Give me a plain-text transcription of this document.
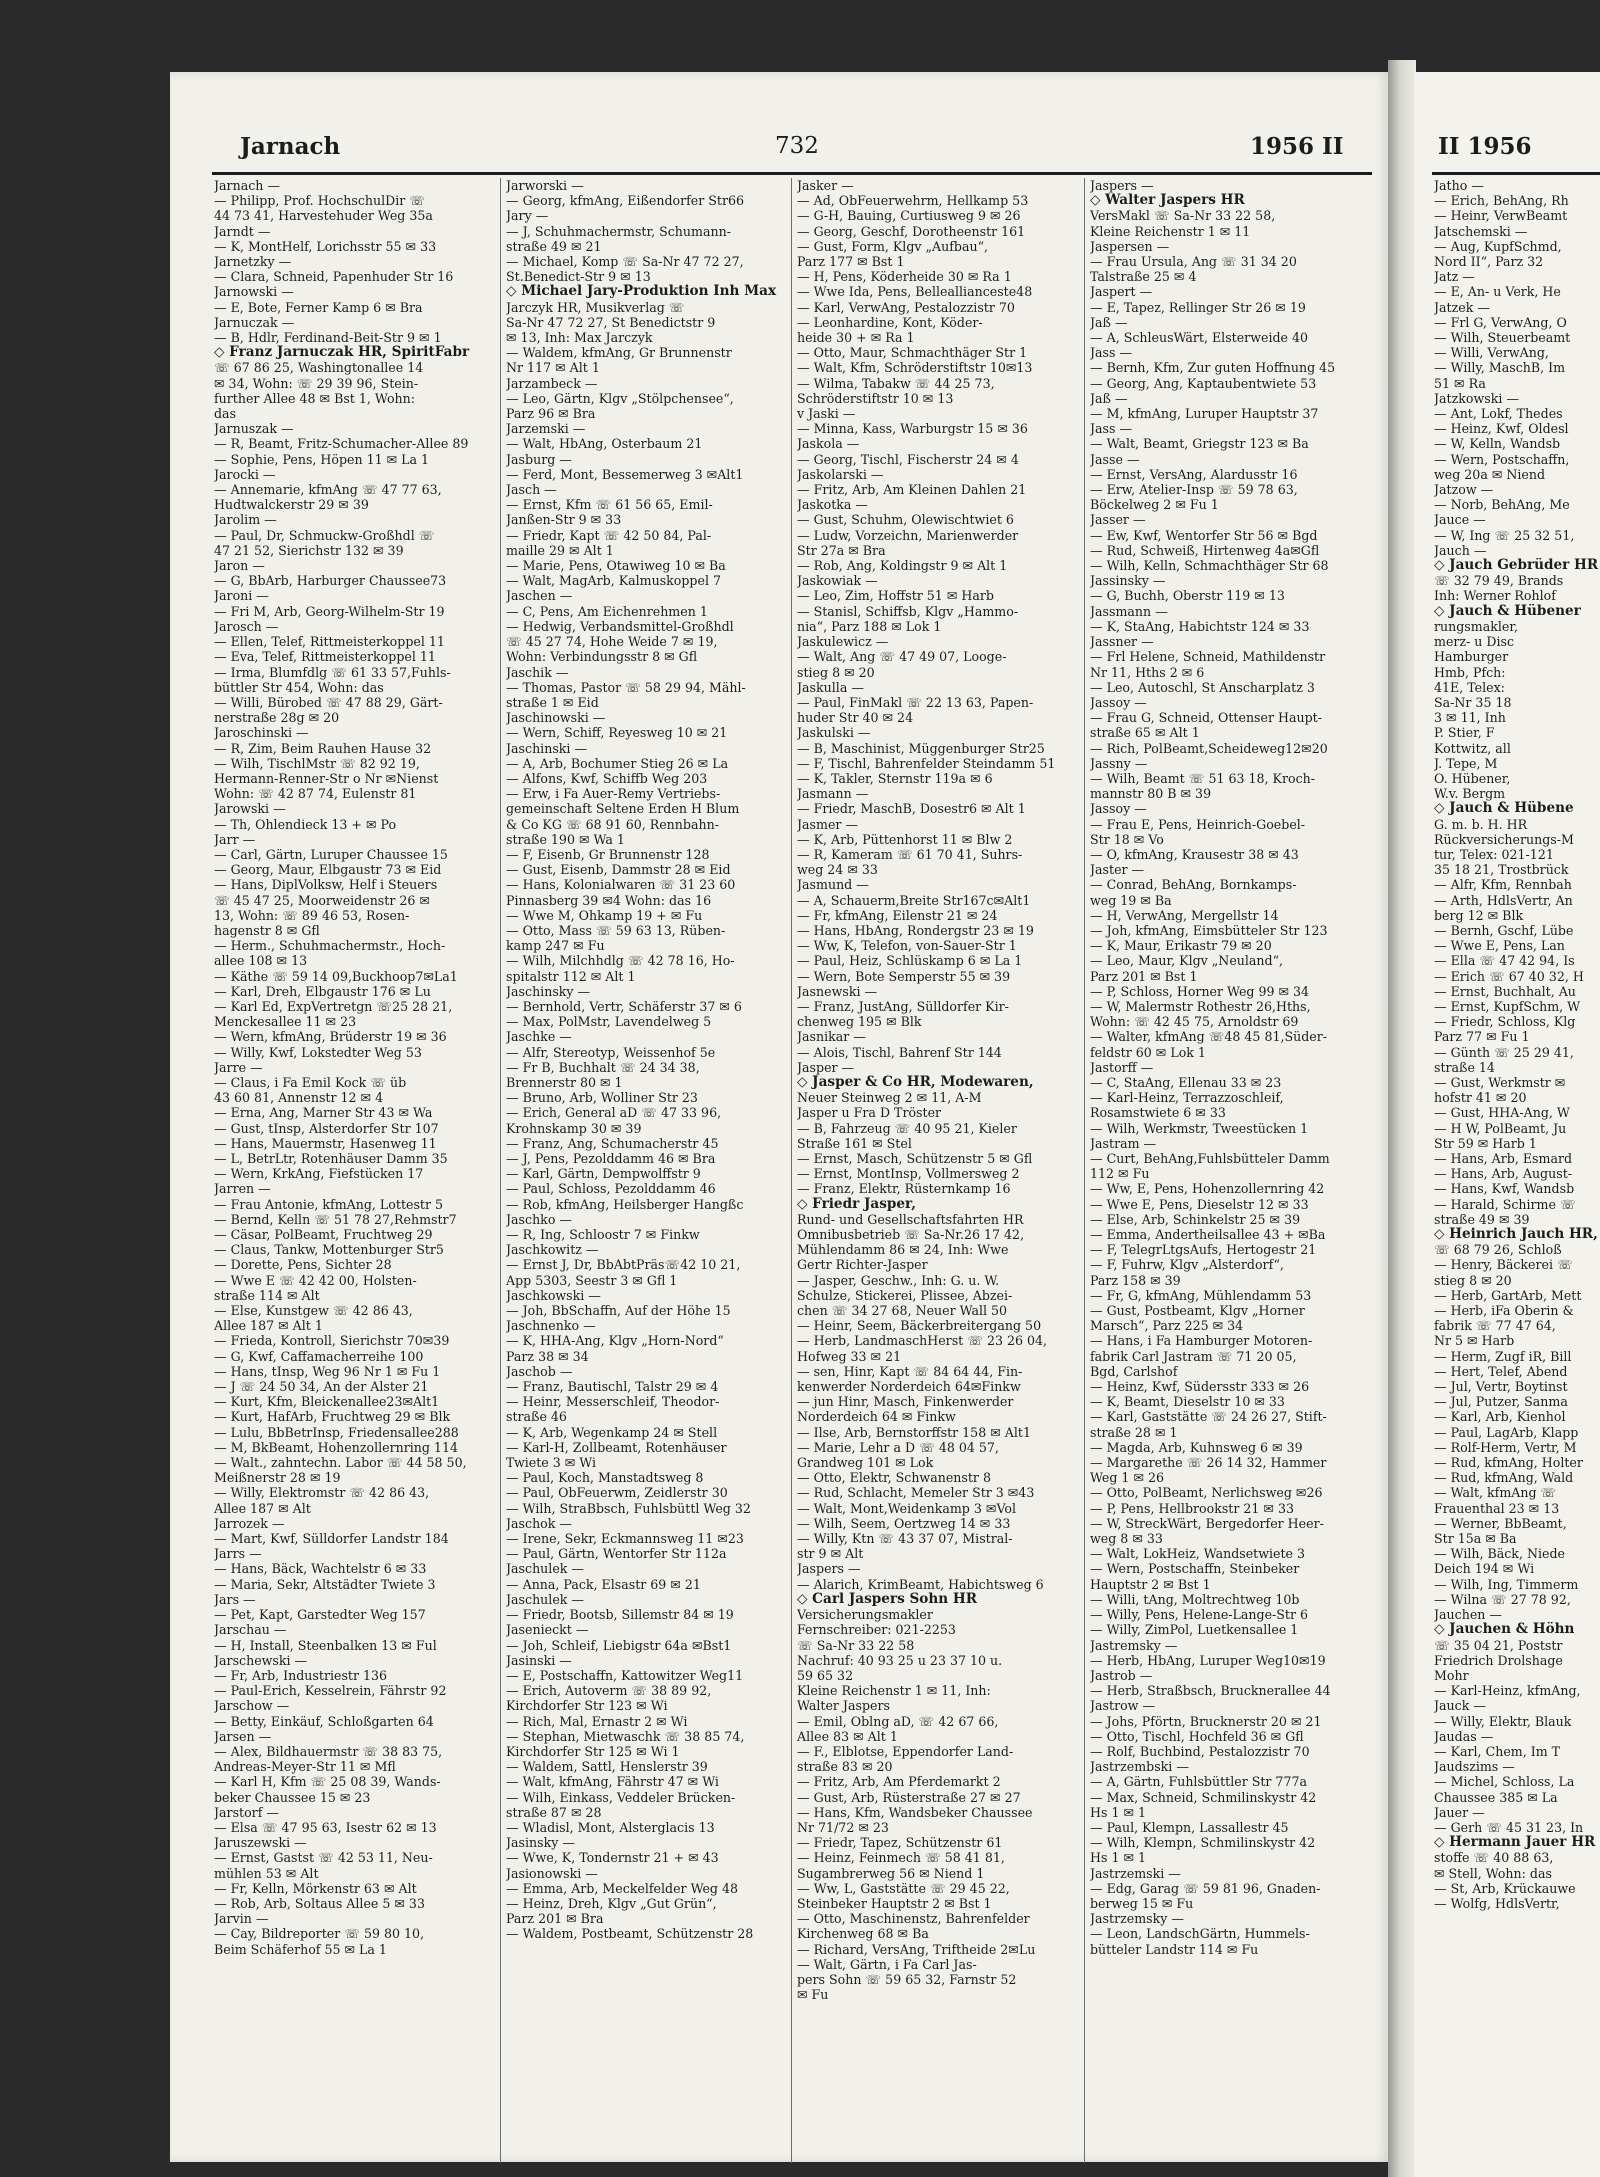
Jarnach	732	1956 II	II 1956
Jarnach —
— Philipp, Prof. HochschulDir ☏
44 73 41, Harvestehuder Weg 35a
Jarndt —
— K, MontHelf, Lorichsstr 55 ✉ 33
Jarnetzky —
— Clara, Schneid, Papenhuder Str 16
Jarnowski —
— E, Bote, Ferner Kamp 6 ✉ Bra
Jarnuczak —
— B, Hdlr, Ferdinand-Beit-Str 9 ✉ 1
◇ Franz Jarnuczak HR, SpiritFabr
☏ 67 86 25, Washingtonallee 14
✉ 34, Wohn: ☏ 29 39 96, Stein-
further Allee 48 ✉ Bst 1, Wohn:
das
Jarnuszak —
— R, Beamt, Fritz-Schumacher-Allee 89
— Sophie, Pens, Höpen 11 ✉ La 1
Jarocki —
— Annemarie, kfmAng ☏ 47 77 63,
Hudtwalckerstr 29 ✉ 39
Jarolim —
— Paul, Dr, Schmuckw-Großhdl ☏
47 21 52, Sierichstr 132 ✉ 39
Jaron —
— G, BbArb, Harburger Chaussee73
Jaroni —
— Fri M, Arb, Georg-Wilhelm-Str 19
Jarosch —
— Ellen, Telef, Rittmeisterkoppel 11
— Eva, Telef, Rittmeisterkoppel 11
— Irma, Blumfdlg ☏ 61 33 57,Fuhls-
büttler Str 454, Wohn: das
— Willi, Bürobed ☏ 47 88 29, Gärt-
nerstraße 28g ✉ 20
Jaroschinski —
— R, Zim, Beim Rauhen Hause 32
— Wilh, TischlMstr ☏ 82 92 19,
Hermann-Renner-Str o Nr ✉Nienst
Wohn: ☏ 42 87 74, Eulenstr 81
Jarowski —
— Th, Ohlendieck 13 + ✉ Po
Jarr —
— Carl, Gärtn, Luruper Chaussee 15
— Georg, Maur, Elbgaustr 73 ✉ Eid
— Hans, DiplVolksw, Helf i Steuers
☏ 45 47 25, Moorweidenstr 26 ✉
13, Wohn: ☏ 89 46 53, Rosen-
hagenstr 8 ✉ Gfl
— Herm., Schuhmachermstr., Hoch-
allee 108 ✉ 13
— Käthe ☏ 59 14 09,Buckhoop7✉La1
— Karl, Dreh, Elbgaustr 176 ✉ Lu
— Karl Ed, ExpVertretgn ☏25 28 21,
Menckesallee 11 ✉ 23
— Wern, kfmAng, Brüderstr 19 ✉ 36
— Willy, Kwf, Lokstedter Weg 53
Jarre —
— Claus, i Fa Emil Kock ☏ üb
43 60 81, Annenstr 12 ✉ 4
— Erna, Ang, Marner Str 43 ✉ Wa
— Gust, tInsp, Alsterdorfer Str 107
— Hans, Mauermstr, Hasenweg 11
— L, BetrLtr, Rotenhäuser Damm 35
— Wern, KrkAng, Fiefstücken 17
Jarren —
— Frau Antonie, kfmAng, Lottestr 5
— Bernd, Kelln ☏ 51 78 27,Rehmstr7
— Cäsar, PolBeamt, Fruchtweg 29
— Claus, Tankw, Mottenburger Str5
— Dorette, Pens, Sichter 28
— Wwe E ☏ 42 42 00, Holsten-
straße 114 ✉ Alt
— Else, Kunstgew ☏ 42 86 43,
Allee 187 ✉ Alt 1
— Frieda, Kontroll, Sierichstr 70✉39
— G, Kwf, Caffamacherreihe 100
— Hans, tInsp, Weg 96 Nr 1 ✉ Fu 1
— J ☏ 24 50 34, An der Alster 21
— Kurt, Kfm, Bleickenallee23✉Alt1
— Kurt, HafArb, Fruchtweg 29 ✉ Blk
— Lulu, BbBetrInsp, Friedensallee288
— M, BkBeamt, Hohenzollernring 114
— Walt., zahntechn. Labor ☏ 44 58 50,
Meißnerstr 28 ✉ 19
— Willy, Elektromstr ☏ 42 86 43,
Allee 187 ✉ Alt
Jarrozek —
— Mart, Kwf, Sülldorfer Landstr 184
Jarrs —
— Hans, Bäck, Wachtelstr 6 ✉ 33
— Maria, Sekr, Altstädter Twiete 3
Jars —
— Pet, Kapt, Garstedter Weg 157
Jarschau —
— H, Install, Steenbalken 13 ✉ Ful
Jarschewski —
— Fr, Arb, Industriestr 136
— Paul-Erich, Kesselrein, Fährstr 92
Jarschow —
— Betty, Einkäuf, Schloßgarten 64
Jarsen —
— Alex, Bildhauermstr ☏ 38 83 75,
Andreas-Meyer-Str 11 ✉ Mfl
— Karl H, Kfm ☏ 25 08 39, Wands-
beker Chaussee 15 ✉ 23
Jarstorf —
— Elsa ☏ 47 95 63, Isestr 62 ✉ 13
Jaruszewski —
— Ernst, Gastst ☏ 42 53 11, Neu-
mühlen 53 ✉ Alt
— Fr, Kelln, Mörkenstr 63 ✉ Alt
— Rob, Arb, Soltaus Allee 5 ✉ 33
Jarvin —
— Cay, Bildreporter ☏ 59 80 10,
Beim Schäferhof 55 ✉ La 1
Jarworski —
— Georg, kfmAng, Eißendorfer Str66
Jary —
— J, Schuhmachermstr, Schumann-
straße 49 ✉ 21
— Michael, Komp ☏ Sa-Nr 47 72 27,
St.Benedict-Str 9 ✉ 13
◇ Michael Jary-Produktion Inh Max
Jarczyk HR, Musikverlag ☏
Sa-Nr 47 72 27, St Benedictstr 9
✉ 13, Inh: Max Jarczyk
— Waldem, kfmAng, Gr Brunnenstr
Nr 117 ✉ Alt 1
Jarzambeck —
— Leo, Gärtn, Klgv „Stölpchensee“,
Parz 96 ✉ Bra
Jarzemski —
— Walt, HbAng, Osterbaum 21
Jasburg —
— Ferd, Mont, Bessemerweg 3 ✉Alt1
Jasch —
— Ernst, Kfm ☏ 61 56 65, Emil-
Janßen-Str 9 ✉ 33
— Friedr, Kapt ☏ 42 50 84, Pal-
maille 29 ✉ Alt 1
— Marie, Pens, Otawiweg 10 ✉ Ba
— Walt, MagArb, Kalmuskoppel 7
Jaschen —
— C, Pens, Am Eichenrehmen 1
— Hedwig, Verbandsmittel-Großhdl
☏ 45 27 74, Hohe Weide 7 ✉ 19,
Wohn: Verbindungsstr 8 ✉ Gfl
Jaschik —
— Thomas, Pastor ☏ 58 29 94, Mähl-
straße 1 ✉ Eid
Jaschinowski —
— Wern, Schiff, Reyesweg 10 ✉ 21
Jaschinski —
— A, Arb, Bochumer Stieg 26 ✉ La
— Alfons, Kwf, Schiffb Weg 203
— Erw, i Fa Auer-Remy Vertriebs-
gemeinschaft Seltene Erden H Blum
& Co KG ☏ 68 91 60, Rennbahn-
straße 190 ✉ Wa 1
— F, Eisenb, Gr Brunnenstr 128
— Gust, Eisenb, Dammstr 28 ✉ Eid
— Hans, Kolonialwaren ☏ 31 23 60
Pinnasberg 39 ✉4 Wohn: das 16
— Wwe M, Ohkamp 19 + ✉ Fu
— Otto, Mass ☏ 59 63 13, Rüben-
kamp 247 ✉ Fu
— Wilh, Milchhdlg ☏ 42 78 16, Ho-
spitalstr 112 ✉ Alt 1
Jaschinsky —
— Bernhold, Vertr, Schäferstr 37 ✉ 6
— Max, PolMstr, Lavendelweg 5
Jaschke —
— Alfr, Stereotyp, Weissenhof 5e
— Fr B, Buchhalt ☏ 24 34 38,
Brennerstr 80 ✉ 1
— Bruno, Arb, Wolliner Str 23
— Erich, General aD ☏ 47 33 96,
Krohnskamp 30 ✉ 39
— Franz, Ang, Schumacherstr 45
— J, Pens, Pezolddamm 46 ✉ Bra
— Karl, Gärtn, Dempwolffstr 9
— Paul, Schloss, Pezolddamm 46
— Rob, kfmAng, Heilsberger Hangßc
Jaschko —
— R, Ing, Schloostr 7 ✉ Finkw
Jaschkowitz —
— Ernst J, Dr, BbAbtPräs☏42 10 21,
App 5303, Seestr 3 ✉ Gfl 1
Jaschkowski —
— Joh, BbSchaffn, Auf der Höhe 15
Jaschnenko —
— K, HHA-Ang, Klgv „Horn-Nord“
Parz 38 ✉ 34
Jaschob —
— Franz, Bautischl, Talstr 29 ✉ 4
— Heinr, Messerschleif, Theodor-
straße 46
— K, Arb, Wegenkamp 24 ✉ Stell
— Karl-H, Zollbeamt, Rotenhäuser
Twiete 3 ✉ Wi
— Paul, Koch, Manstadtsweg 8
— Paul, ObFeuerwm, Zeidlerstr 30
— Wilh, StraBbsch, Fuhlsbüttl Weg 32
Jaschok —
— Irene, Sekr, Eckmannsweg 11 ✉23
— Paul, Gärtn, Wentorfer Str 112a
Jaschulek —
— Anna, Pack, Elsastr 69 ✉ 21
Jaschulek —
— Friedr, Bootsb, Sillemstr 84 ✉ 19
Jasenieckt —
— Joh, Schleif, Liebigstr 64a ✉Bst1
Jasinski —
— E, Postschaffn, Kattowitzer Weg11
— Erich, Autoverm ☏ 38 89 92,
Kirchdorfer Str 123 ✉ Wi
— Rich, Mal, Ernastr 2 ✉ Wi
— Stephan, Mietwaschk ☏ 38 85 74,
Kirchdorfer Str 125 ✉ Wi 1
— Waldem, Sattl, Henslerstr 39
— Walt, kfmAng, Fährstr 47 ✉ Wi
— Wilh, Einkass, Veddeler Brücken-
straße 87 ✉ 28
— Wladisl, Mont, Alsterglacis 13
Jasinsky —
— Wwe, K, Tondernstr 21 + ✉ 43
Jasionowski —
— Emma, Arb, Meckelfelder Weg 48
— Heinz, Dreh, Klgv „Gut Grün“,
Parz 201 ✉ Bra
— Waldem, Postbeamt, Schützenstr 28
Jasker —
— Ad, ObFeuerwehrm, Hellkamp 53
— G-H, Bauing, Curtiusweg 9 ✉ 26
— Georg, Geschf, Dorotheenstr 161
— Gust, Form, Klgv „Aufbau“,
Parz 177 ✉ Bst 1
— H, Pens, Köderheide 30 ✉ Ra 1
— Wwe Ida, Pens, Belleallianceste48
— Karl, VerwAng, Pestalozzistr 70
— Leonhardine, Kont, Köder-
heide 30 + ✉ Ra 1
— Otto, Maur, Schmachthäger Str 1
— Walt, Kfm, Schröderstiftstr 10✉13
— Wilma, Tabakw ☏ 44 25 73,
Schröderstiftstr 10 ✉ 13
v Jaski —
— Minna, Kass, Warburgstr 15 ✉ 36
Jaskola —
— Georg, Tischl, Fischerstr 24 ✉ 4
Jaskolarski —
— Fritz, Arb, Am Kleinen Dahlen 21
Jaskotka —
— Gust, Schuhm, Olewischtwiet 6
— Ludw, Vorzeichn, Marienwerder
Str 27a ✉ Bra
— Rob, Ang, Koldingstr 9 ✉ Alt 1
Jaskowiak —
— Leo, Zim, Hoffstr 51 ✉ Harb
— Stanisl, Schiffsb, Klgv „Hammo-
nia“, Parz 188 ✉ Lok 1
Jaskulewicz —
— Walt, Ang ☏ 47 49 07, Looge-
stieg 8 ✉ 20
Jaskulla —
— Paul, FinMakl ☏ 22 13 63, Papen-
huder Str 40 ✉ 24
Jaskulski —
— B, Maschinist, Müggenburger Str25
— F, Tischl, Bahrenfelder Steindamm 51
— K, Takler, Sternstr 119a ✉ 6
Jasmann —
— Friedr, MaschB, Dosestr6 ✉ Alt 1
Jasmer —
— K, Arb, Püttenhorst 11 ✉ Blw 2
— R, Kameram ☏ 61 70 41, Suhrs-
weg 24 ✉ 33
Jasmund —
— A, Schauerm,Breite Str167c✉Alt1
— Fr, kfmAng, Eilenstr 21 ✉ 24
— Hans, HbAng, Rondergstr 23 ✉ 19
— Ww, K, Telefon, von-Sauer-Str 1
— Paul, Heiz, Schlüskamp 6 ✉ La 1
— Wern, Bote Semperstr 55 ✉ 39
Jasnewski —
— Franz, JustAng, Sülldorfer Kir-
chenweg 195 ✉ Blk
Jasnikar —
— Alois, Tischl, Bahrenf Str 144
Jasper —
◇ Jasper & Co HR, Modewaren,
Neuer Steinweg 2 ✉ 11, A-M
Jasper u Fra D Tröster
— B, Fahrzeug ☏ 40 95 21, Kieler
Straße 161 ✉ Stel
— Ernst, Masch, Schützenstr 5 ✉ Gfl
— Ernst, MontInsp, Vollmersweg 2
— Franz, Elektr, Rüsternkamp 16
◇ Friedr Jasper,
Rund- und Gesellschaftsfahrten HR
Omnibusbetrieb ☏ Sa-Nr.26 17 42,
Mühlendamm 86 ✉ 24, Inh: Wwe
Gertr Richter-Jasper
— Jasper, Geschw., Inh: G. u. W.
Schulze, Stickerei, Plissee, Abzei-
chen ☏ 34 27 68, Neuer Wall 50
— Heinr, Seem, Bäckerbreitergang 50
— Herb, LandmaschHerst ☏ 23 26 04,
Hofweg 33 ✉ 21
— sen, Hinr, Kapt ☏ 84 64 44, Fin-
kenwerder Norderdeich 64✉Finkw
— jun Hinr, Masch, Finkenwerder
Norderdeich 64 ✉ Finkw
— Ilse, Arb, Bernstorffstr 158 ✉ Alt1
— Marie, Lehr a D ☏ 48 04 57,
Grandweg 101 ✉ Lok
— Otto, Elektr, Schwanenstr 8
— Rud, Schlacht, Memeler Str 3 ✉43
— Walt, Mont,Weidenkamp 3 ✉Vol
— Wilh, Seem, Oertzweg 14 ✉ 33
— Willy, Ktn ☏ 43 37 07, Mistral-
str 9 ✉ Alt
Jaspers —
— Alarich, KrimBeamt, Habichtsweg 6
◇ Carl Jaspers Sohn HR
Versicherungsmakler
Fernschreiber: 021-2253
☏ Sa-Nr 33 22 58
Nachruf: 40 93 25 u 23 37 10 u.
59 65 32
Kleine Reichenstr 1 ✉ 11, Inh:
Walter Jaspers
— Emil, Oblng aD, ☏ 42 67 66,
Allee 83 ✉ Alt 1
— F., Elblotse, Eppendorfer Land-
straße 83 ✉ 20
— Fritz, Arb, Am Pferdemarkt 2
— Gust, Arb, Rüsterstraße 27 ✉ 27
— Hans, Kfm, Wandsbeker Chaussee
Nr 71/72 ✉ 23
— Friedr, Tapez, Schützenstr 61
— Heinz, Feinmech ☏ 58 41 81,
Sugambrerweg 56 ✉ Niend 1
— Ww, L, Gaststätte ☏ 29 45 22,
Steinbeker Hauptstr 2 ✉ Bst 1
— Otto, Maschinenstz, Bahrenfelder
Kirchenweg 68 ✉ Ba
— Richard, VersAng, Triftheide 2✉Lu
— Walt, Gärtn, i Fa Carl Jas-
pers Sohn ☏ 59 65 32, Farnstr 52
✉ Fu
Jaspers —
◇ Walter Jaspers HR
VersMakl ☏ Sa-Nr 33 22 58,
Kleine Reichenstr 1 ✉ 11
Jaspersen —
— Frau Ursula, Ang ☏ 31 34 20
Talstraße 25 ✉ 4
Jaspert —
— E, Tapez, Rellinger Str 26 ✉ 19
Jaß —
— A, SchleusWärt, Elsterweide 40
Jass —
— Bernh, Kfm, Zur guten Hoffnung 45
— Georg, Ang, Kaptaubentwiete 53
Jaß —
— M, kfmAng, Luruper Hauptstr 37
Jass —
— Walt, Beamt, Griegstr 123 ✉ Ba
Jasse —
— Ernst, VersAng, Alardusstr 16
— Erw, Atelier-Insp ☏ 59 78 63,
Böckelweg 2 ✉ Fu 1
Jasser —
— Ew, Kwf, Wentorfer Str 56 ✉ Bgd
— Rud, Schweiß, Hirtenweg 4a✉Gfl
— Wilh, Kelln, Schmachthäger Str 68
Jassinsky —
— G, Buchh, Oberstr 119 ✉ 13
Jassmann —
— K, StaAng, Habichtstr 124 ✉ 33
Jassner —
— Frl Helene, Schneid, Mathildenstr
Nr 11, Hths 2 ✉ 6
— Leo, Autoschl, St Anscharplatz 3
Jassoy —
— Frau G, Schneid, Ottenser Haupt-
straße 65 ✉ Alt 1
— Rich, PolBeamt,Scheideweg12✉20
Jassny —
— Wilh, Beamt ☏ 51 63 18, Kroch-
mannstr 80 B ✉ 39
Jassoy —
— Frau E, Pens, Heinrich-Goebel-
Str 18 ✉ Vo
— O, kfmAng, Krausestr 38 ✉ 43
Jaster —
— Conrad, BehAng, Bornkamps-
weg 19 ✉ Ba
— H, VerwAng, Mergellstr 14
— Joh, kfmAng, Eimsbütteler Str 123
— K, Maur, Erikastr 79 ✉ 20
— Leo, Maur, Klgv „Neuland“,
Parz 201 ✉ Bst 1
— P, Schloss, Horner Weg 99 ✉ 34
— W, Malermstr Rothestr 26,Hths,
Wohn: ☏ 42 45 75, Arnoldstr 69
— Walter, kfmAng ☏48 45 81,Süder-
feldstr 60 ✉ Lok 1
Jastorff —
— C, StaAng, Ellenau 33 ✉ 23
— Karl-Heinz, Terrazzoschleif,
Rosamstwiete 6 ✉ 33
— Wilh, Werkmstr, Tweestücken 1
Jastram —
— Curt, BehAng,Fuhlsbütteler Damm
112 ✉ Fu
— Ww, E, Pens, Hohenzollernring 42
— Wwe E, Pens, Dieselstr 12 ✉ 33
— Else, Arb, Schinkelstr 25 ✉ 39
— Emma, Andertheilsallee 43 + ✉Ba
— F, TelegrLtgsAufs, Hertogestr 21
— F, Fuhrw, Klgv „Alsterdorf“,
Parz 158 ✉ 39
— Fr, G, kfmAng, Mühlendamm 53
— Gust, Postbeamt, Klgv „Horner
Marsch“, Parz 225 ✉ 34
— Hans, i Fa Hamburger Motoren-
fabrik Carl Jastram ☏ 71 20 05,
Bgd, Carlshof
— Heinz, Kwf, Südersstr 333 ✉ 26
— K, Beamt, Dieselstr 10 ✉ 33
— Karl, Gaststätte ☏ 24 26 27, Stift-
straße 28 ✉ 1
— Magda, Arb, Kuhnsweg 6 ✉ 39
— Margarethe ☏ 26 14 32, Hammer
Weg 1 ✉ 26
— Otto, PolBeamt, Nerlichsweg ✉26
— P, Pens, Hellbrookstr 21 ✉ 33
— W, StreckWärt, Bergedorfer Heer-
weg 8 ✉ 33
— Walt, LokHeiz, Wandsetwiete 3
— Wern, Postschaffn, Steinbeker
Hauptstr 2 ✉ Bst 1
— Willi, tAng, Moltrechtweg 10b
— Willy, Pens, Helene-Lange-Str 6
— Willy, ZimPol, Luetkensallee 1
Jastremsky —
— Herb, HbAng, Luruper Weg10✉19
Jastrob —
— Herb, Straßbsch, Brucknerallee 44
Jastrow —
— Johs, Pförtn, Brucknerstr 20 ✉ 21
— Otto, Tischl, Hochfeld 36 ✉ Gfl
— Rolf, Buchbind, Pestalozzistr 70
Jastrzembski —
— A, Gärtn, Fuhlsbüttler Str 777a
— Max, Schneid, Schmilinskystr 42
Hs 1 ✉ 1
— Paul, Klempn, Lassallestr 45
— Wilh, Klempn, Schmilinskystr 42
Hs 1 ✉ 1
Jastrzemski —
— Edg, Garag ☏ 59 81 96, Gnaden-
berweg 15 ✉ Fu
Jastrzemsky —
— Leon, LandschGärtn, Hummels-
bütteler Landstr 114 ✉ Fu
Jatho —
— Erich, BehAng, Rh
— Heinr, VerwBeamt
Jatschemski —
— Aug, KupfSchmd,
Nord II“, Parz 32
Jatz —
— E, An- u Verk, He
Jatzek —
— Frl G, VerwAng, O
— Wilh, Steuerbeamt
— Willi, VerwAng,
— Willy, MaschB, Im
51 ✉ Ra
Jatzkowski —
— Ant, Lokf, Thedes
— Heinz, Kwf, Oldesl
— W, Kelln, Wandsb
— Wern, Postschaffn,
weg 20a ✉ Niend
Jatzow —
— Norb, BehAng, Me
Jauce —
— W, Ing ☏ 25 32 51,
Jauch —
◇ Jauch Gebrüder HR
☏ 32 79 49, Brands
Inh: Werner Rohlof
◇ Jauch & Hübener
rungsmakler,
merz- u Disc
Hamburger
Hmb, Pfch:
41E, Telex:
Sa-Nr 35 18
3 ✉ 11, Inh
P. Stier, F
Kottwitz, all
J. Tepe, M
O. Hübener,
W.v. Bergm
◇ Jauch & Hübene
G. m. b. H. HR
Rückversicherungs-M
tur, Telex: 021-121
35 18 21, Trostbrück
— Alfr, Kfm, Rennbah
— Arth, HdlsVertr, An
berg 12 ✉ Blk
— Bernh, Gschf, Lübe
— Wwe E, Pens, Lan
— Ella ☏ 47 42 94, Is
— Erich ☏ 67 40 32, H
— Ernst, Buchhalt, Au
— Ernst, KupfSchm, W
— Friedr, Schloss, Klg
Parz 77 ✉ Fu 1
— Günth ☏ 25 29 41,
straße 14
— Gust, Werkmstr ✉
hofstr 41 ✉ 20
— Gust, HHA-Ang, W
— H W, PolBeamt, Ju
Str 59 ✉ Harb 1
— Hans, Arb, Esmard
— Hans, Arb, August-
— Hans, Kwf, Wandsb
— Harald, Schirme ☏
straße 49 ✉ 39
◇ Heinrich Jauch HR,
☏ 68 79 26, Schloß
— Henry, Bäckerei ☏
stieg 8 ✉ 20
— Herb, GartArb, Mett
— Herb, iFa Oberin &
fabrik ☏ 77 47 64,
Nr 5 ✉ Harb
— Herm, Zugf iR, Bill
— Hert, Telef, Abend
— Jul, Vertr, Boytinst
— Jul, Putzer, Sanma
— Karl, Arb, Kienhol
— Paul, LagArb, Klapp
— Rolf-Herm, Vertr, M
— Rud, kfmAng, Holter
— Rud, kfmAng, Wald
— Walt, kfmAng ☏
Frauenthal 23 ✉ 13
— Werner, BbBeamt,
Str 15a ✉ Ba
— Wilh, Bäck, Niede
Deich 194 ✉ Wi
— Wilh, Ing, Timmerm
— Wilna ☏ 27 78 92,
Jauchen —
◇ Jauchen & Höhn
☏ 35 04 21, Poststr
Friedrich Drolshage
Mohr
— Karl-Heinz, kfmAng,
Jauck —
— Willy, Elektr, Blauk
Jaudas —
— Karl, Chem, Im T
Jaudszims —
— Michel, Schloss, La
Chaussee 385 ✉ La
Jauer —
— Gerh ☏ 45 31 23, In
◇ Hermann Jauer HR
stoffe ☏ 40 88 63,
✉ Stell, Wohn: das
— St, Arb, Krückauwe
— Wolfg, HdlsVertr,
